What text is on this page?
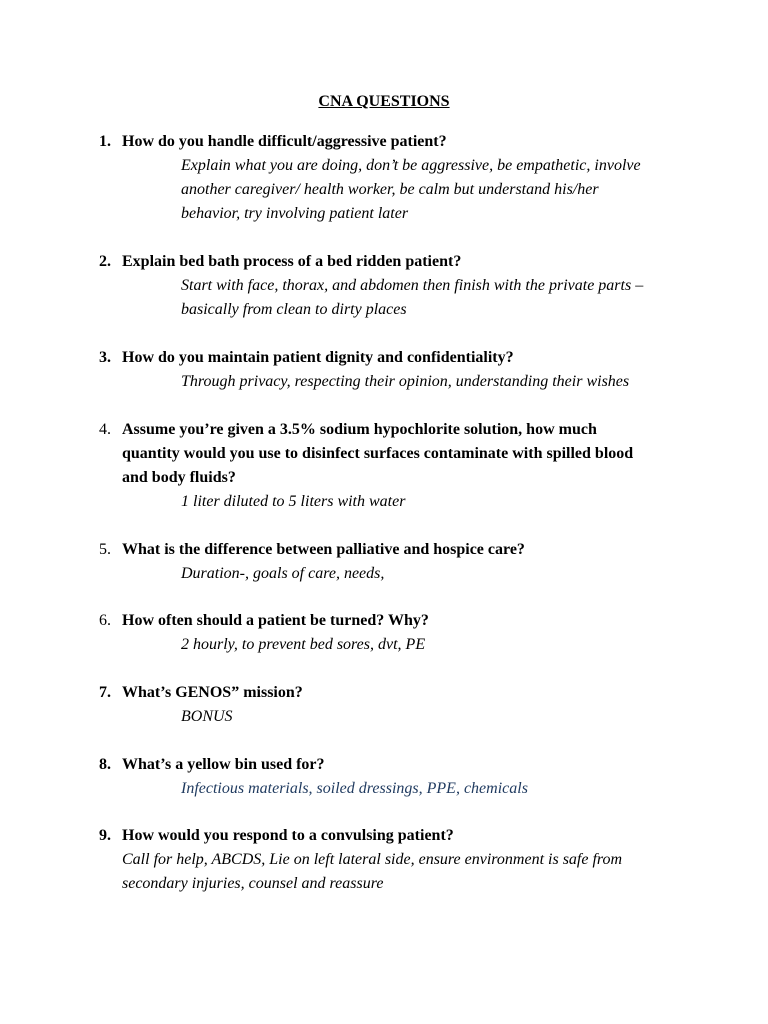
CNA QUESTIONS
1. How do you handle difficult/aggressive patient?
Explain what you are doing, don’t be aggressive, be empathetic, involve another caregiver/ health worker, be calm but understand his/her behavior, try involving patient later
2. Explain bed bath process of a bed ridden patient?
Start with face, thorax, and abdomen then finish with the private parts – basically from clean to dirty places
3. How do you maintain patient dignity and confidentiality?
Through privacy, respecting their opinion, understanding their wishes
4. Assume you’re given a 3.5% sodium hypochlorite solution, how much quantity would you use to disinfect surfaces contaminate with spilled blood and body fluids?
1 liter diluted to 5 liters with water
5. What is the difference between palliative and hospice care?
Duration-, goals of care, needs,
6. How often should a patient be turned? Why?
2 hourly, to prevent bed sores, dvt, PE
7. What’s GENOS” mission?
BONUS
8. What’s a yellow bin used for?
Infectious materials, soiled dressings, PPE, chemicals
9. How would you respond to a convulsing patient?
Call for help, ABCDS, Lie on left lateral side, ensure environment is safe from secondary injuries, counsel and reassure
